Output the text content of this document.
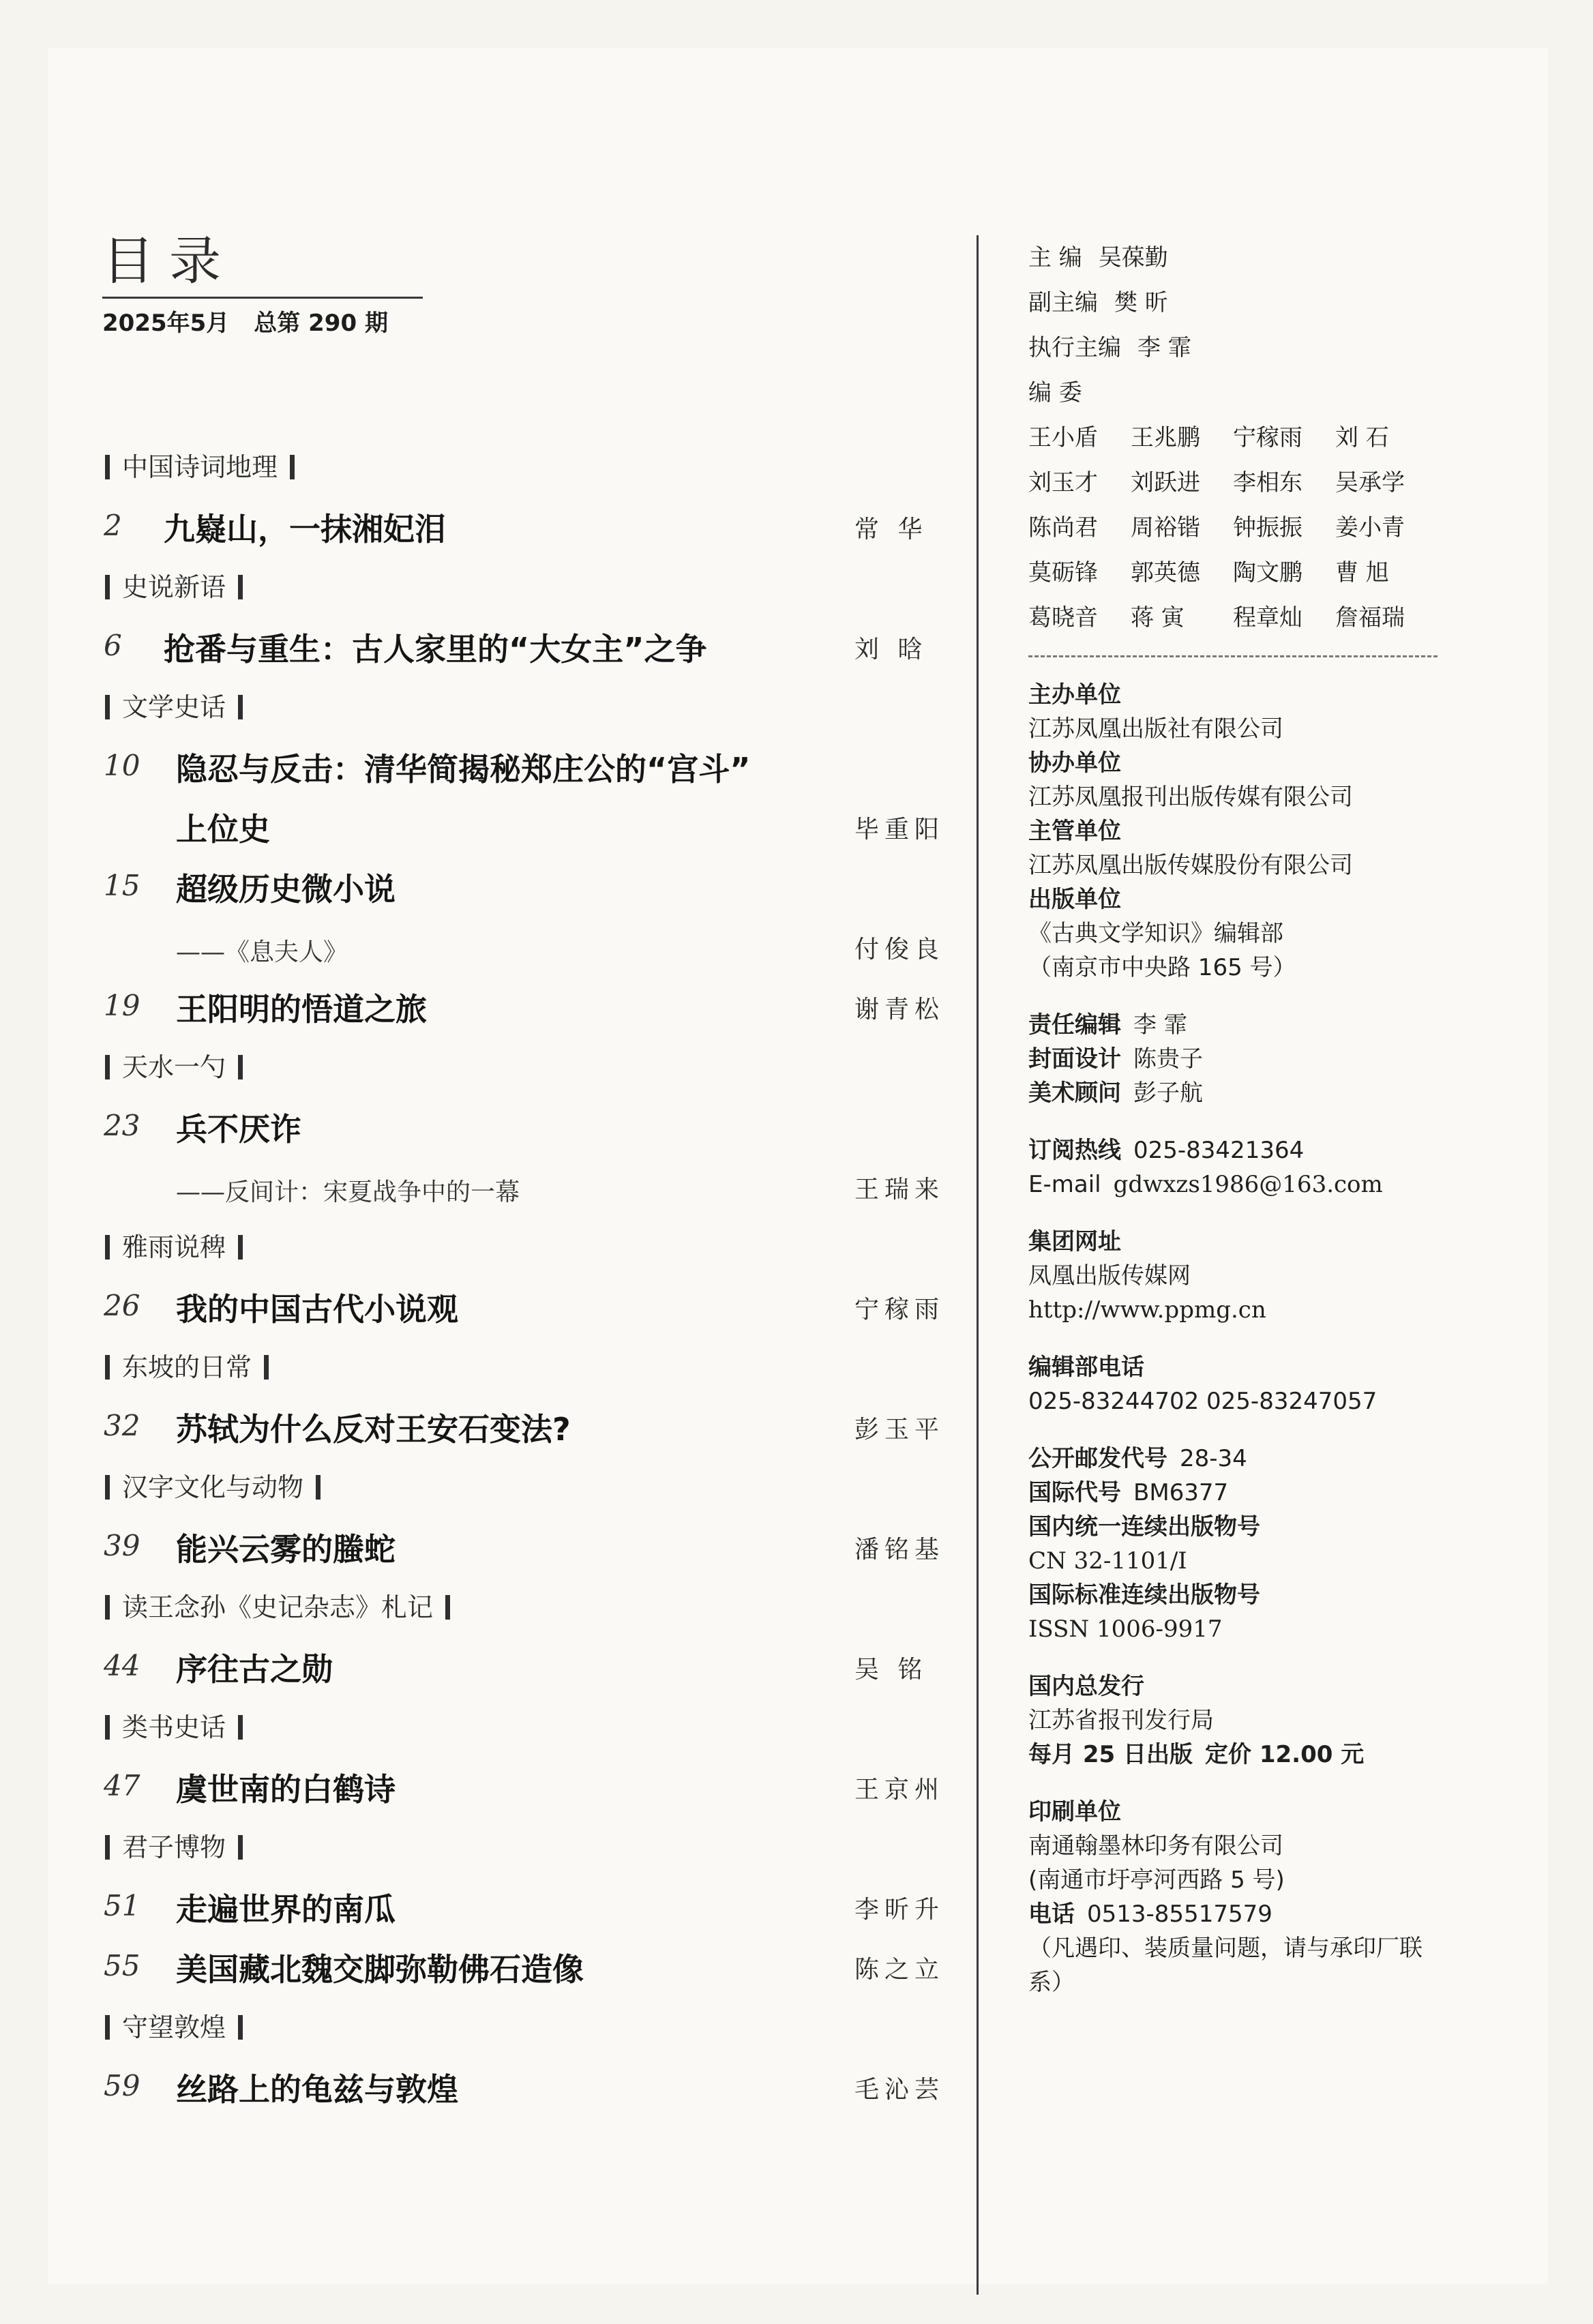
目录
2025年5月 总第 290 期
中国诗词地理
2 九嶷山，一抹湘妃泪	常 华
史说新语
6 抢番与重生：古人家里的“大女主”之争	刘 晗
文学史话
10 隐忍与反击：清华简揭秘郑庄公的“宫斗”
上位史	毕重阳
15 超级历史微小说
——《息夫人》	付俊良
19 王阳明的悟道之旅	谢青松
天水一勺
23 兵不厌诈
——反间计：宋夏战争中的一幕	王瑞来
雅雨说稗
26 我的中国古代小说观	宁稼雨
东坡的日常
32 苏轼为什么反对王安石变法?	彭玉平
汉字文化与动物
39 能兴云雾的螣蛇	潘铭基
读王念孙《史记杂志》札记
44 序往古之勋	吴 铭
类书史话
47 虞世南的白鹤诗	王京州
君子博物
51 走遍世界的南瓜	李昕升
55 美国藏北魏交脚弥勒佛石造像	陈之立
守望敦煌
59 丝路上的龟兹与敦煌	毛沁芸
主 编 吴葆勤
副主编 樊 昕
执行主编 李 霏
编 委
王小盾	王兆鹏	宁稼雨	刘 石
刘玉才	刘跃进	李相东	吴承学
陈尚君	周裕锴	钟振振	姜小青
莫砺锋	郭英德	陶文鹏	曹 旭
葛晓音	蒋 寅	程章灿	詹福瑞
主办单位
江苏凤凰出版社有限公司
协办单位
江苏凤凰报刊出版传媒有限公司
主管单位
江苏凤凰出版传媒股份有限公司
出版单位
《古典文学知识》编辑部
（南京市中央路 165 号）
责任编辑 李 霏
封面设计 陈贵子
美术顾问 彭子航
订阅热线 025-83421364
E-mail gdwxzs1986@163.com
集团网址
凤凰出版传媒网
http://www.ppmg.cn
编辑部电话
025-83244702 025-83247057
公开邮发代号 28-34
国际代号 BM6377
国内统一连续出版物号
CN 32-1101/I
国际标准连续出版物号
ISSN 1006-9917
国内总发行
江苏省报刊发行局
每月 25 日出版 定价 12.00 元
印刷单位
南通翰墨林印务有限公司
(南通市圩亭河西路 5 号)
电话 0513-85517579
（凡遇印、装质量问题，请与承印厂联系）
